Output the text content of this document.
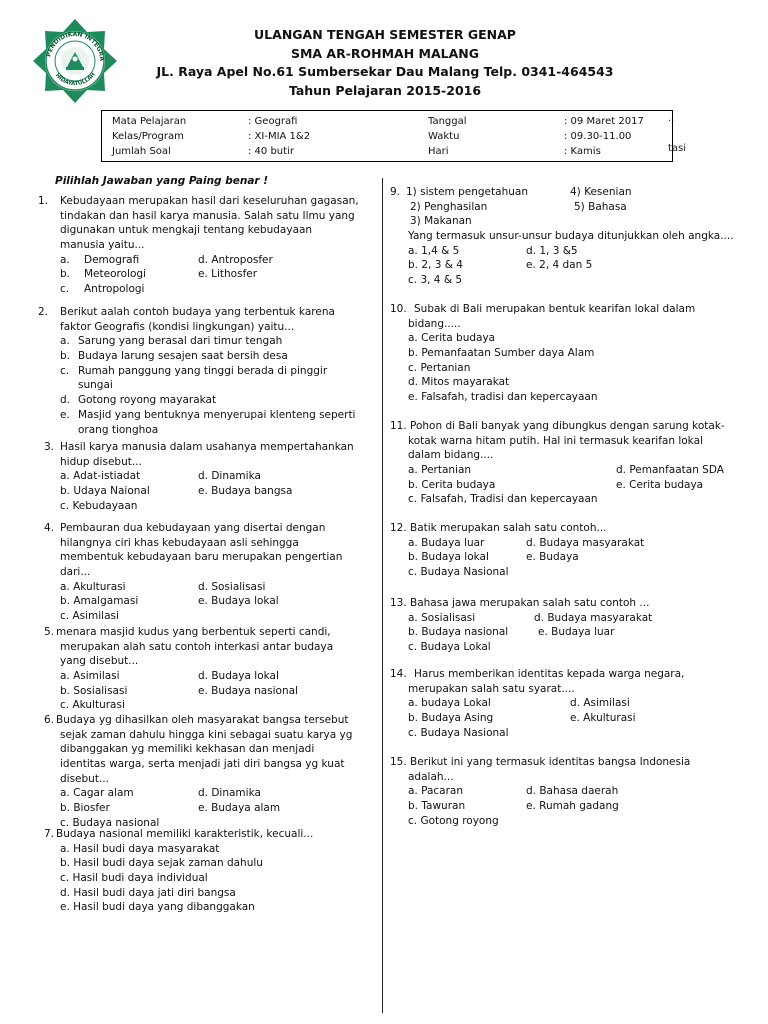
PENDIDIKAN INTEGRA
HIDAYATULLAH
ULANGAN TENGAH SEMESTER GENAP
SMA AR-ROHMAH MALANG
JL. Raya Apel No.61 Sumbersekar Dau Malang Telp. 0341-464543
Tahun Pelajaran 2015-2016
..
tasi
Mata Pelajaran	: Geografi	Tanggal	: 09 Maret 2017
Kelas/Program	: XI-MIA 1&2	Waktu	: 09.30-11.00
Jumlah Soal	: 40 butir	Hari	: Kamis
Pilihlah Jawaban yang Paing benar !
1. Kebudayaan merupakan hasil dari keseluruhan gagasan,
tindakan dan hasil karya manusia. Salah satu Ilmu yang
digunakan untuk mengkaji tentang kebudayaan
manusia yaitu...
a. Demografi	d. Antroposfer
b. Meteorologi	e. Lithosfer
c. Antropologi
2. Berikut aalah contoh budaya yang terbentuk karena
faktor Geografis (kondisi lingkungan) yaitu...
a. Sarung yang berasal dari timur tengah
b. Budaya larung sesajen saat bersih desa
c. Rumah panggung yang tinggi berada di pinggir
sungai
d. Gotong royong mayarakat
e. Masjid yang bentuknya menyerupai klenteng seperti
orang tionghoa
3. Hasil karya manusia dalam usahanya mempertahankan
hidup disebut...
a. Adat-istiadat	d. Dinamika
b. Udaya Naional	e. Budaya bangsa
c. Kebudayaan
4. Pembauran dua kebudayaan yang disertai dengan
hilangnya ciri khas kebudayaan asli sehingga
membentuk kebudayaan baru merupakan pengertian
dari...
a. Akulturasi	d. Sosialisasi
b. Amalgamasi	e. Budaya lokal
c. Asimilasi
5. menara masjid kudus yang berbentuk seperti candi,
merupakan alah satu contoh interkasi antar budaya
yang disebut...
a. Asimilasi	d. Budaya lokal
b. Sosialisasi	e. Budaya nasional
c. Akulturasi
6. Budaya yg dihasilkan oleh masyarakat bangsa tersebut
sejak zaman dahulu hingga kini sebagai suatu karya yg
dibanggakan yg memiliki kekhasan dan menjadi
identitas warga, serta menjadi jati diri bangsa yg kuat
disebut...
a. Cagar alam	d. Dinamika
b. Biosfer	e. Budaya alam
c. Budaya nasional
7. Budaya nasional memiliki karakteristik, kecuali...
a. Hasil budi daya masyarakat
b. Hasil budi daya sejak zaman dahulu
c. Hasil budi daya individual
d. Hasil budi daya jati diri bangsa
e. Hasil budi daya yang dibanggakan
9. 1) sistem pengetahuan	4) Kesenian
2) Penghasilan	5) Bahasa
3) Makanan
Yang termasuk unsur-unsur budaya ditunjukkan oleh angka....
a. 1,4 & 5	d. 1, 3 &5
b. 2, 3 & 4	e. 2, 4 dan 5
c. 3, 4 & 5
10. Subak di Bali merupakan bentuk kearifan lokal dalam
bidang.....
a. Cerita budaya
b. Pemanfaatan Sumber daya Alam
c. Pertanian
d. Mitos mayarakat
e. Falsafah, tradisi dan kepercayaan
11. Pohon di Bali banyak yang dibungkus dengan sarung kotak-
kotak warna hitam putih. Hal ini termasuk kearifan lokal
dalam bidang....
a. Pertanian	d. Pemanfaatan SDA
b. Cerita budaya	e. Cerita budaya
c. Falsafah, Tradisi dan kepercayaan
12. Batik merupakan salah satu contoh...
a. Budaya luar	d. Budaya masyarakat
b. Budaya lokal	e. Budaya
c. Budaya Nasional
13. Bahasa jawa merupakan salah satu contoh ...
a. Sosialisasi	d. Budaya masyarakat
b. Budaya nasional	e. Budaya luar
c. Budaya Lokal
14. Harus memberikan identitas kepada warga negara,
merupakan salah satu syarat....
a. budaya Lokal	d. Asimilasi
b. Budaya Asing	e. Akulturasi
c. Budaya Nasional
15. Berikut ini yang termasuk identitas bangsa Indonesia
adalah...
a. Pacaran	d. Bahasa daerah
b. Tawuran	e. Rumah gadang
c. Gotong royong
